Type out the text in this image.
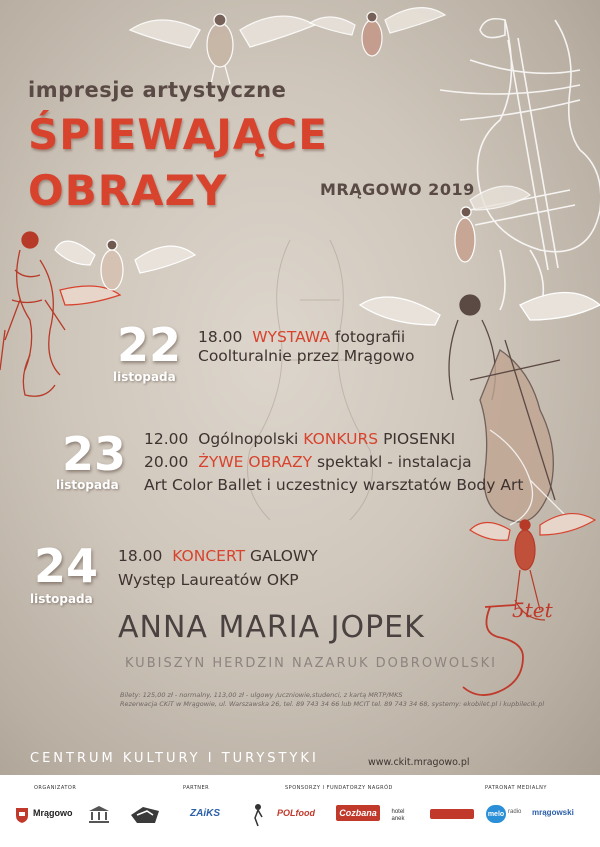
impresje artystyczne
ŚPIEWAJĄCE
OBRAZY	MRĄGOWO 2019
22
listopada
18.00 WYSTAWA fotografii
Coolturalnie przez Mrągowo
23
listopada
12.00 Ogólnopolski KONKURS PIOSENKI
20.00 ŻYWE OBRAZY spektakl - instalacja
Art Color Ballet i uczestnicy warsztatów Body Art
24
listopada
18.00 KONCERT GALOWY
Występ Laureatów OKP
ANNA MARIA JOPEK
KUBISZYN HERDZIN NAZARUK DOBROWOLSKI
5tet
Bilety: 125,00 zł - normalny, 113,00 zł - ulgowy /uczniowie,studenci, z kartą MRTP/MKS
Rezerwacja CKiT w Mrągowie, ul. Warszawska 26, tel. 89 743 34 66 lub MCIT tel. 89 743 34 68, systemy: ekobilet.pl i kupbilecik.pl
CENTRUM KULTURY I TURYSTYKI	www.ckit.mragowo.pl
ORGANIZATOR	PARTNER	SPONSORZY I FUNDATORZY NAGRÓD	PATRONAT MEDIALNY
Mrągowo	ZAiKS	POLfood	Cozbana	hotel anek
melo radio mrągowski
